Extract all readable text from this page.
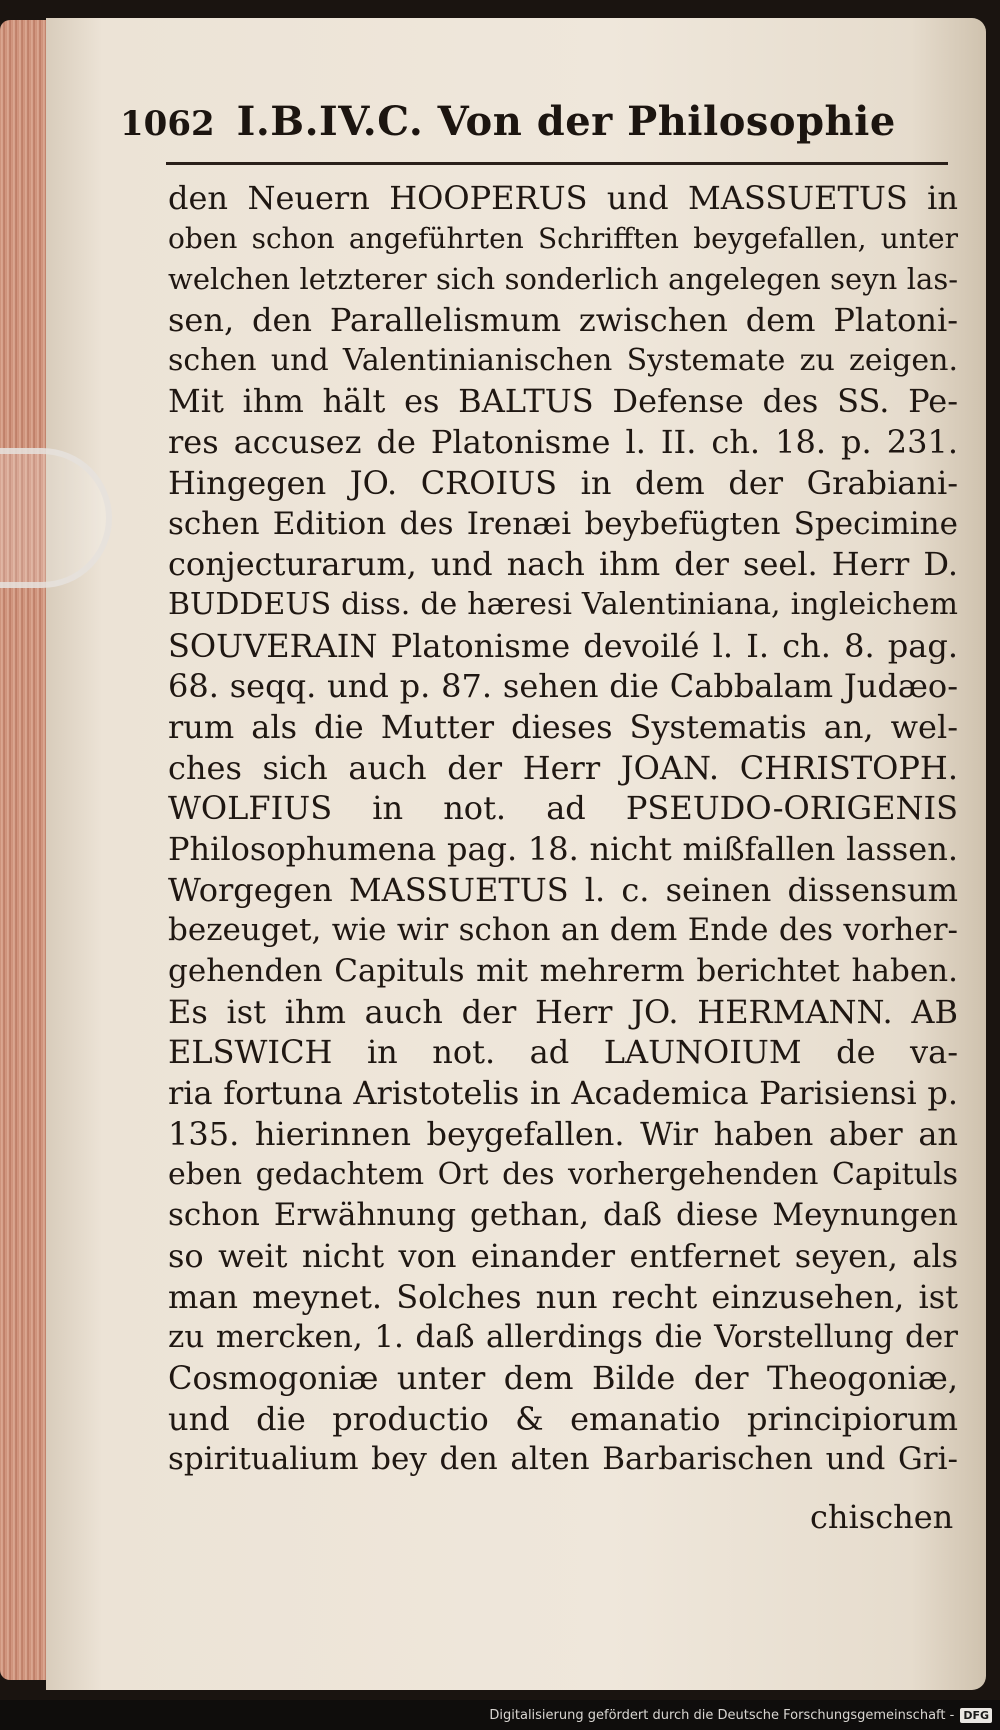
1062 I.B.IV.C. Von der Philosophie
den Neuern HOOPERUS und MASSUETUS in
oben schon angeführten Schrifften beygefallen, unter
welchen letzterer sich sonderlich angelegen seyn las-
sen, den Parallelismum zwischen dem Platoni-
schen und Valentinianischen Systemate zu zeigen.
Mit ihm hält es BALTUS Defense des SS. Pe-
res accusez de Platonisme l. II. ch. 18. p. 231.
Hingegen JO. CROIUS in dem der Grabiani-
schen Edition des Irenæi beybefügten Specimine
conjecturarum, und nach ihm der seel. Herr D.
BUDDEUS diss. de hæresi Valentiniana, ingleichem
SOUVERAIN Platonisme devoilé l. I. ch. 8. pag.
68. seqq. und p. 87. sehen die Cabbalam Judæo-
rum als die Mutter dieses Systematis an, wel-
ches sich auch der Herr JOAN. CHRISTOPH.
WOLFIUS in not. ad PSEUDO-ORIGENIS
Philosophumena pag. 18. nicht mißfallen lassen.
Worgegen MASSUETUS l. c. seinen dissensum
bezeuget, wie wir schon an dem Ende des vorher-
gehenden Capituls mit mehrerm berichtet haben.
Es ist ihm auch der Herr JO. HERMANN. AB
ELSWICH in not. ad LAUNOIUM de va-
ria fortuna Aristotelis in Academica Parisiensi p.
135. hierinnen beygefallen. Wir haben aber an
eben gedachtem Ort des vorhergehenden Capituls
schon Erwähnung gethan, daß diese Meynungen
so weit nicht von einander entfernet seyen, als
man meynet. Solches nun recht einzusehen, ist
zu mercken, 1. daß allerdings die Vorstellung der
Cosmogoniæ unter dem Bilde der Theogoniæ,
und die productio & emanatio principiorum
spiritualium bey den alten Barbarischen und Gri-
chischen
Digitalisierung gefördert durch die Deutsche Forschungsgemeinschaft - DFG
